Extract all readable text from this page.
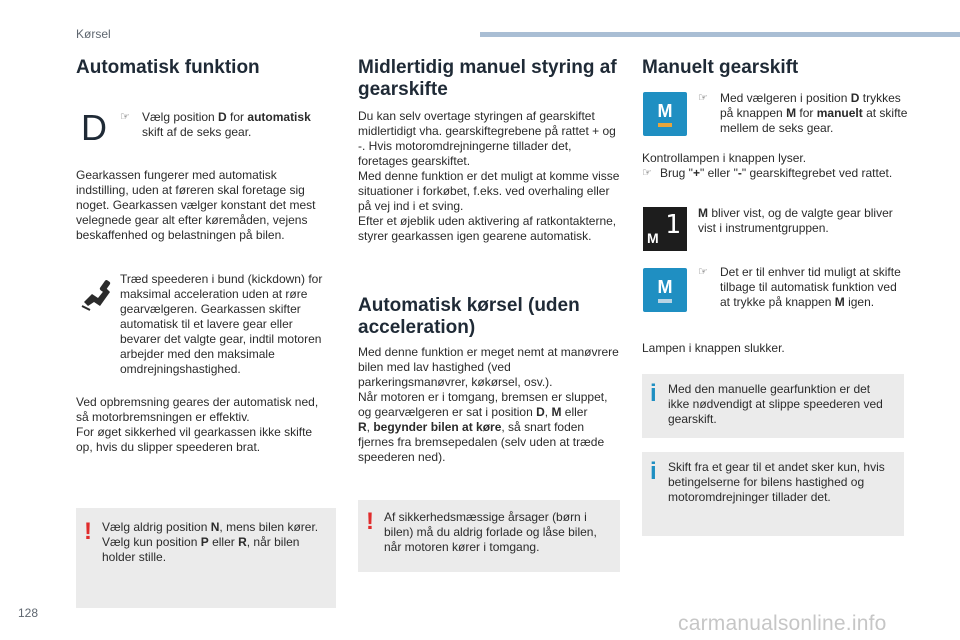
Kørsel
Automatisk funktion
D ☞	Vælg position D for automatisk skift af de seks gear.

Gearkassen fungerer med automatisk indstilling, uden at føreren skal foretage sig noget. Gearkassen vælger konstant det mest velegnede gear alt efter køremåden, vejens beskaffenhed og belastningen på bilen.

Træd speederen i bund (kickdown) for maksimal acceleration uden at røre gearvælgeren. Gearkassen skifter automatisk til et lavere gear eller bevarer det valgte gear, indtil motoren arbejder med den maksimale omdrejningshastighed.

Ved opbremsning geares der automatisk ned, så motorbremsningen er effektiv.
For øget sikkerhed vil gearkassen ikke skifte op, hvis du slipper speederen brat.

! Vælg aldrig position N, mens bilen kører.
Vælg kun position P eller R, når bilen holder stille.
Midlertidig manuel styring af gearskifte

Du kan selv overtage styringen af gearskiftet midlertidigt vha. gearskiftegrebene på rattet + og -. Hvis motoromdrejningerne tillader det, foretages gearskiftet.
Med denne funktion er det muligt at komme visse situationer i forkøbet, f.eks. ved overhaling eller på vej ind i et sving.
Efter et øjeblik uden aktivering af ratkontakterne, styrer gearkassen igen gearene automatisk.

Automatisk kørsel (uden acceleration)

Med denne funktion er meget nemt at manøvrere bilen med lav hastighed (ved parkeringsmanøvrer, køkørsel, osv.).
Når motoren er i tomgang, bremsen er sluppet, og gearvælgeren er sat i position D, M eller
R, begynder bilen at køre, så snart foden fjernes fra bremsepedalen (selv uden at træde speederen ned).

! Af sikkerhedsmæssige årsager (børn i bilen) må du aldrig forlade og låse bilen, når motoren kører i tomgang.
Manuelt gearskift
M
☞	Med vælgeren i position D trykkes på knappen M for manuelt at skifte mellem de seks gear.

Kontrollampen i knappen lyser.

☞ Brug "+" eller "-" gearskiftegrebet ved rattet.
M 1 M bliver vist, og de valgte gear bliver vist i instrumentgruppen.

M
☞	Det er til enhver tid muligt at skifte tilbage til automatisk funktion ved at trykke på knappen M igen.

Lampen i knappen slukker.

i Med den manuelle gearfunktion er det ikke nødvendigt at slippe speederen ved gearskift.
i Skift fra et gear til et andet sker kun, hvis betingelserne for bilens hastighed og motoromdrejninger tillader det.
128	carmanualsonline.info
